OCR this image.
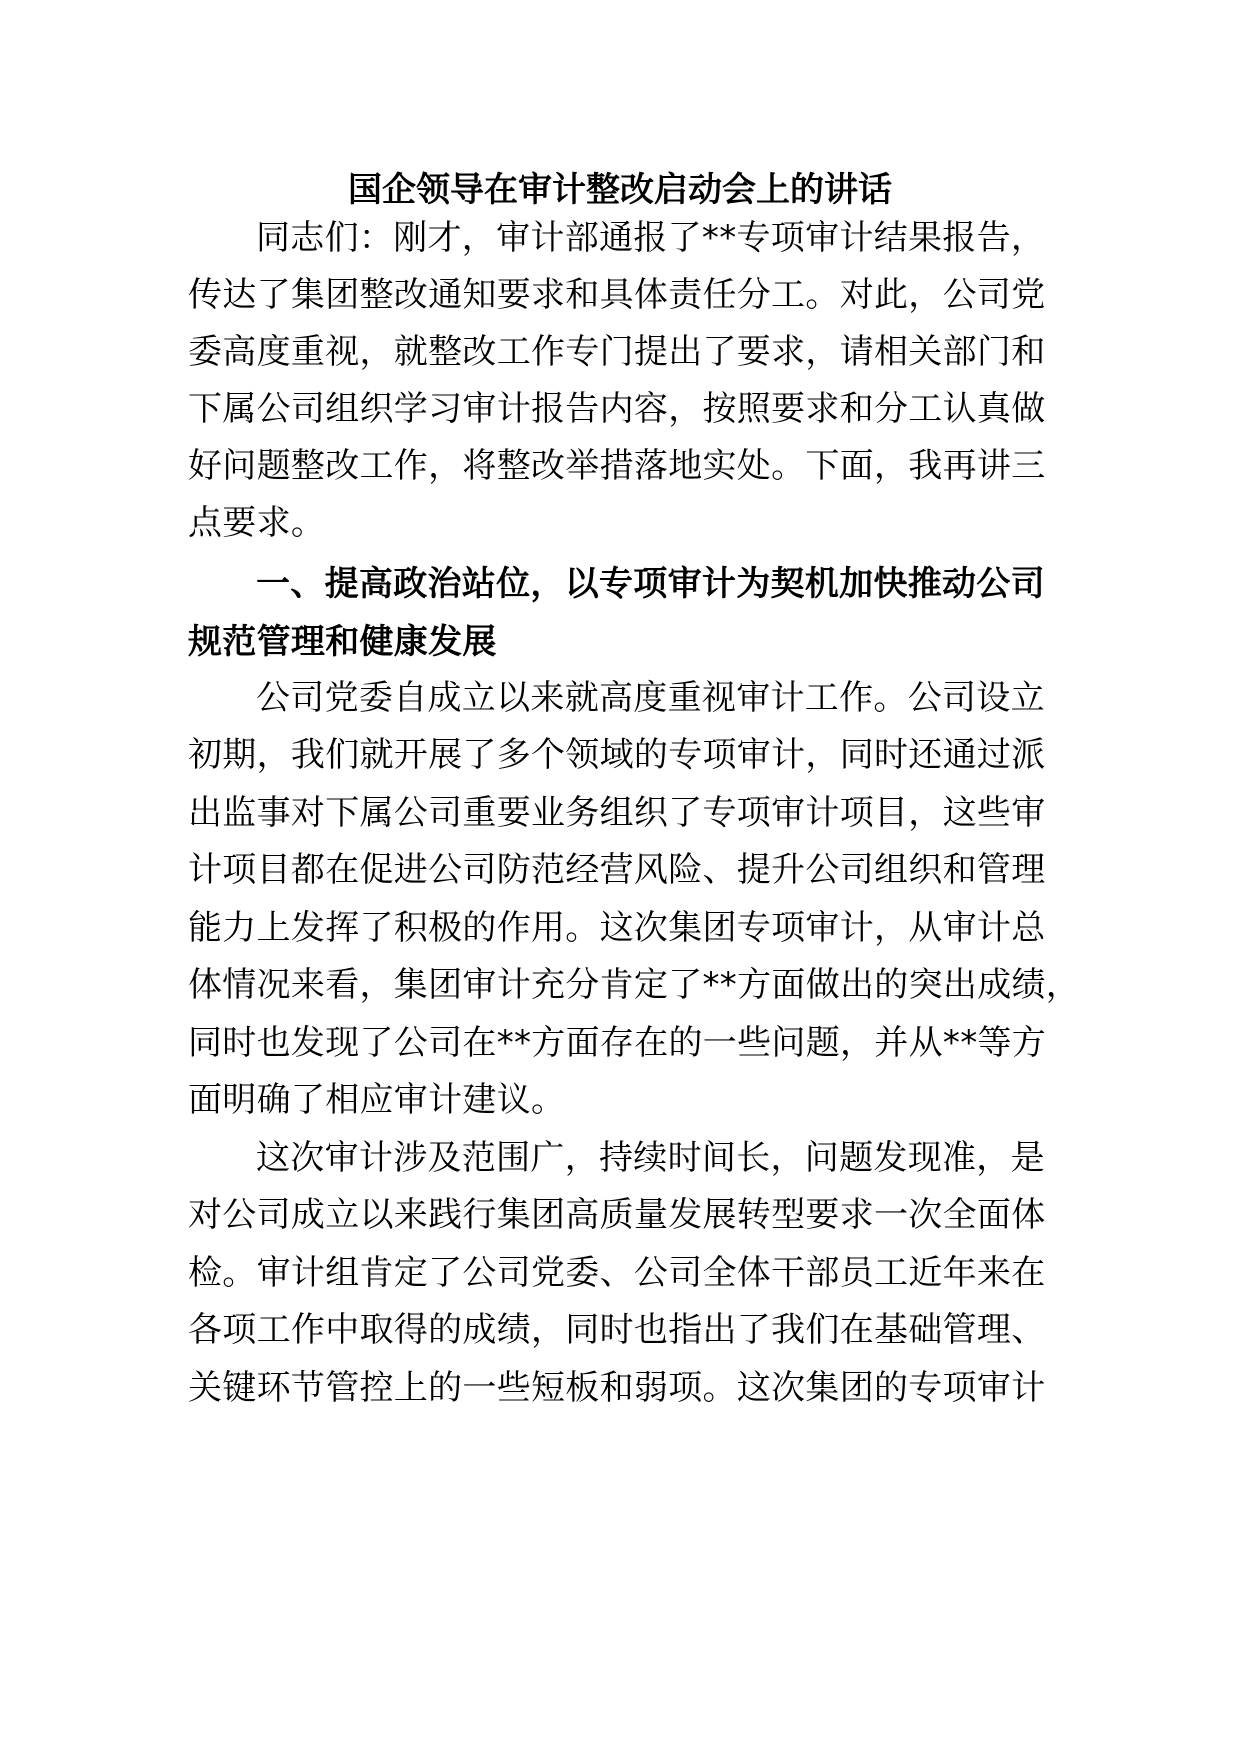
国企领导在审计整改启动会上的讲话
同志们：刚才，审计部通报了**专项审计结果报告，
传达了集团整改通知要求和具体责任分工。对此，公司党
委高度重视，就整改工作专门提出了要求，请相关部门和
下属公司组织学习审计报告内容，按照要求和分工认真做
好问题整改工作，将整改举措落地实处。下面，我再讲三
点要求。
一、提高政治站位，以专项审计为契机加快推动公司
规范管理和健康发展
公司党委自成立以来就高度重视审计工作。公司设立
初期，我们就开展了多个领域的专项审计，同时还通过派
出监事对下属公司重要业务组织了专项审计项目，这些审
计项目都在促进公司防范经营风险、提升公司组织和管理
能力上发挥了积极的作用。这次集团专项审计，从审计总
体情况来看，集团审计充分肯定了**方面做出的突出成绩，
同时也发现了公司在**方面存在的一些问题，并从**等方
面明确了相应审计建议。
这次审计涉及范围广，持续时间长，问题发现准，是
对公司成立以来践行集团高质量发展转型要求一次全面体
检。审计组肯定了公司党委、公司全体干部员工近年来在
各项工作中取得的成绩，同时也指出了我们在基础管理、
关键环节管控上的一些短板和弱项。这次集团的专项审计
